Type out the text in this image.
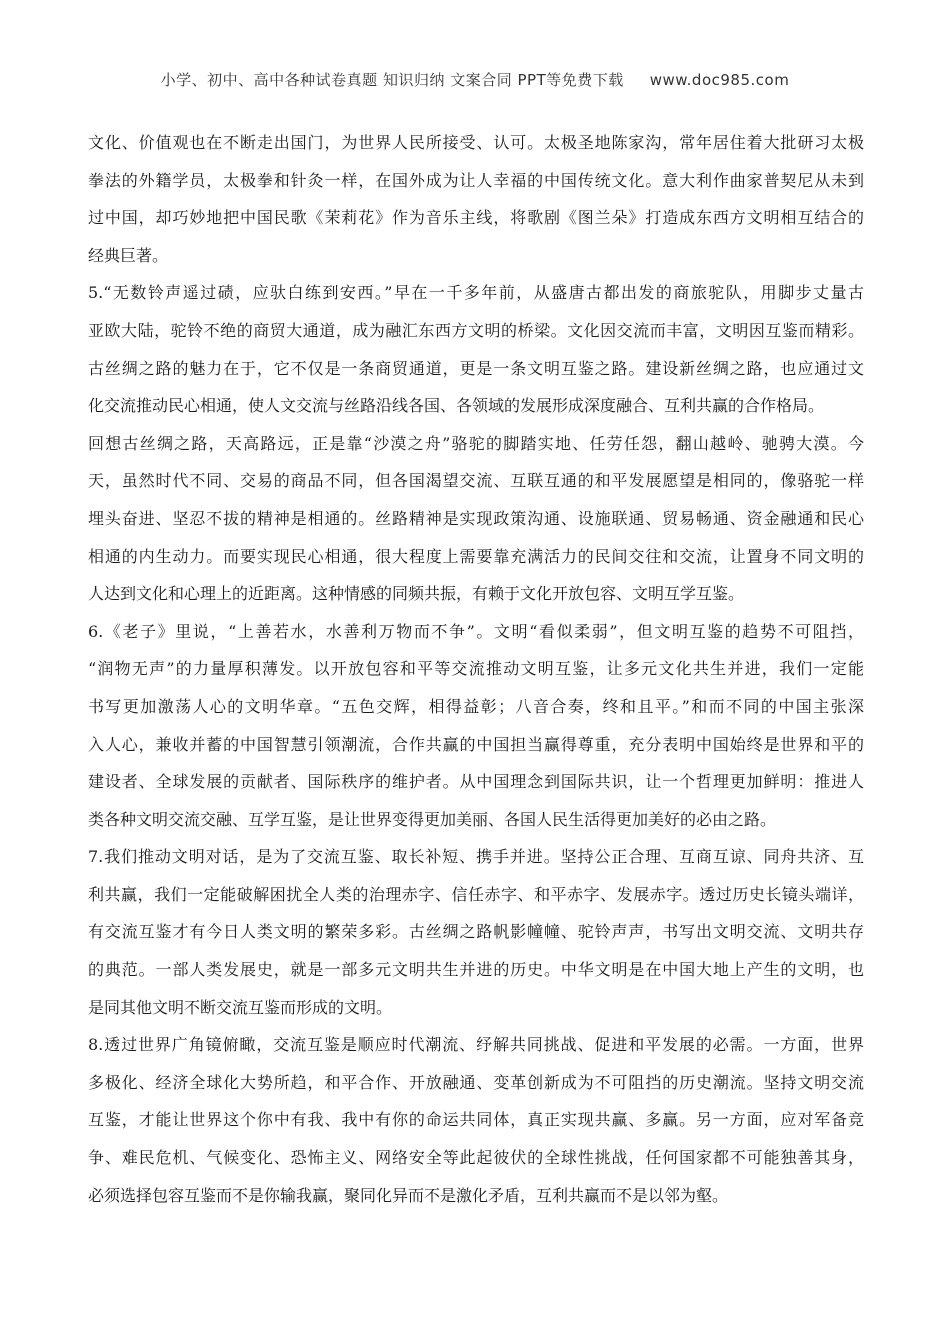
小学、初中、高中各种试卷真题 知识归纳 文案合同 PPT等免费下载 www.doc985.com
文化、价值观也在不断走出国门，为世界人民所接受、认可。太极圣地陈家沟，常年居住着大批研习太极
拳法的外籍学员，太极拳和针灸一样，在国外成为让人幸福的中国传统文化。意大利作曲家普契尼从未到
过中国，却巧妙地把中国民歌《茉莉花》作为音乐主线，将歌剧《图兰朵》打造成东西方文明相互结合的
经典巨著。
5.“无数铃声遥过碛，应驮白练到安西。”早在一千多年前，从盛唐古都出发的商旅驼队，用脚步丈量古
亚欧大陆，驼铃不绝的商贸大通道，成为融汇东西方文明的桥梁。文化因交流而丰富，文明因互鉴而精彩。
古丝绸之路的魅力在于，它不仅是一条商贸通道，更是一条文明互鉴之路。建设新丝绸之路，也应通过文
化交流推动民心相通，使人文交流与丝路沿线各国、各领域的发展形成深度融合、互利共赢的合作格局。
回想古丝绸之路，天高路远，正是靠“沙漠之舟”骆驼的脚踏实地、任劳任怨，翻山越岭、驰骋大漠。今
天，虽然时代不同、交易的商品不同，但各国渴望交流、互联互通的和平发展愿望是相同的，像骆驼一样
埋头奋进、坚忍不拔的精神是相通的。丝路精神是实现政策沟通、设施联通、贸易畅通、资金融通和民心
相通的内生动力。而要实现民心相通，很大程度上需要靠充满活力的民间交往和交流，让置身不同文明的
人达到文化和心理上的近距离。这种情感的同频共振，有赖于文化开放包容、文明互学互鉴。
6.《老子》里说，“上善若水，水善利万物而不争”。文明“看似柔弱”，但文明互鉴的趋势不可阻挡，
“润物无声”的力量厚积薄发。以开放包容和平等交流推动文明互鉴，让多元文化共生并进，我们一定能
书写更加激荡人心的文明华章。“五色交辉，相得益彰；八音合奏，终和且平。”和而不同的中国主张深
入人心，兼收并蓄的中国智慧引领潮流，合作共赢的中国担当赢得尊重，充分表明中国始终是世界和平的
建设者、全球发展的贡献者、国际秩序的维护者。从中国理念到国际共识，让一个哲理更加鲜明：推进人
类各种文明交流交融、互学互鉴，是让世界变得更加美丽、各国人民生活得更加美好的必由之路。
7.我们推动文明对话，是为了交流互鉴、取长补短、携手并进。坚持公正合理、互商互谅、同舟共济、互
利共赢，我们一定能破解困扰全人类的治理赤字、信任赤字、和平赤字、发展赤字。透过历史长镜头端详，
有交流互鉴才有今日人类文明的繁荣多彩。古丝绸之路帆影幢幢、驼铃声声，书写出文明交流、文明共存
的典范。一部人类发展史，就是一部多元文明共生并进的历史。中华文明是在中国大地上产生的文明，也
是同其他文明不断交流互鉴而形成的文明。
8.透过世界广角镜俯瞰，交流互鉴是顺应时代潮流、纾解共同挑战、促进和平发展的必需。一方面，世界
多极化、经济全球化大势所趋，和平合作、开放融通、变革创新成为不可阻挡的历史潮流。坚持文明交流
互鉴，才能让世界这个你中有我、我中有你的命运共同体，真正实现共赢、多赢。另一方面，应对军备竞
争、难民危机、气候变化、恐怖主义、网络安全等此起彼伏的全球性挑战，任何国家都不可能独善其身，
必须选择包容互鉴而不是你输我赢，聚同化异而不是激化矛盾，互利共赢而不是以邻为壑。
